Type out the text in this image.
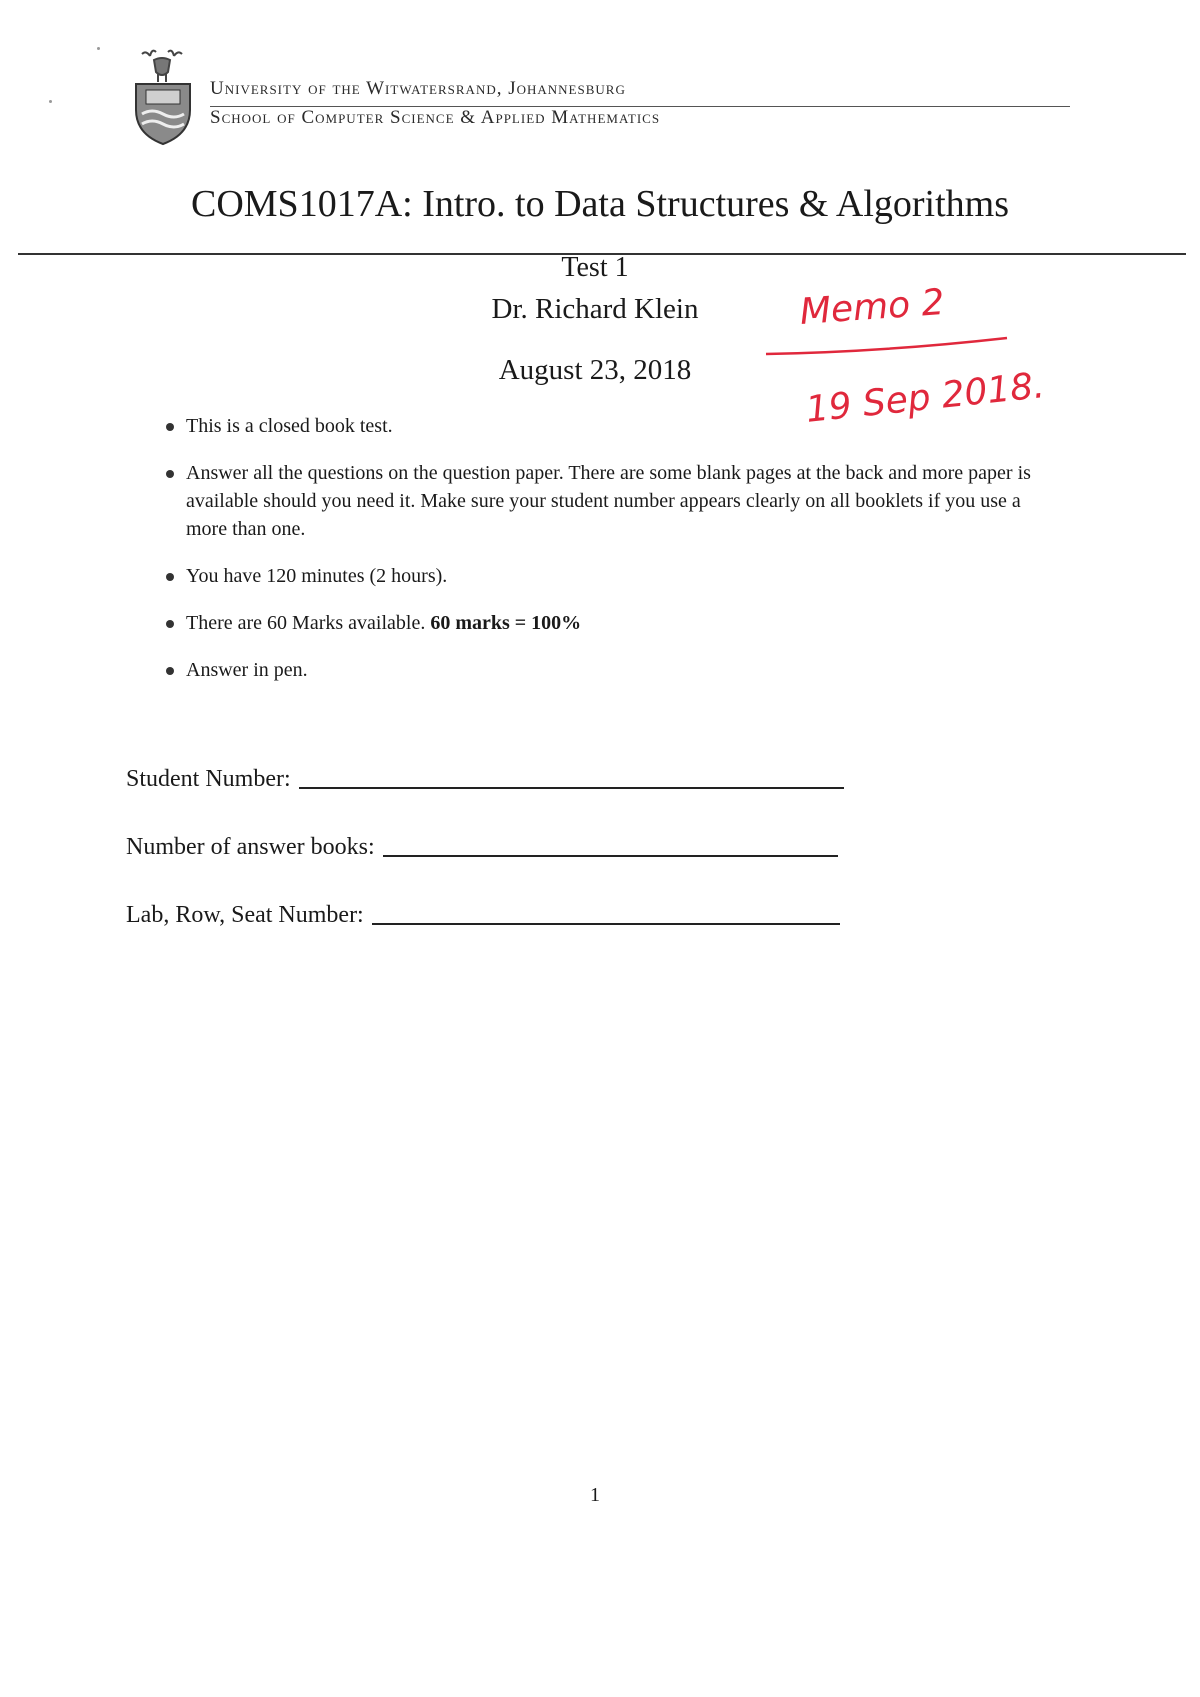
University of the Witwatersrand, Johannesburg
School of Computer Science & Applied Mathematics
COMS1017A: Intro. to Data Structures & Algorithms
Test 1
Dr. Richard Klein
August 23, 2018
Memo 2
19 Sep 2018.
This is a closed book test.
Answer all the questions on the question paper. There are some blank pages at the back and more paper is available should you need it. Make sure your student number appears clearly on all booklets if you use a more than one.
You have 120 minutes (2 hours).
There are 60 Marks available. 60 marks = 100%
Answer in pen.
Student Number:
Number of answer books:
Lab, Row, Seat Number:
1
